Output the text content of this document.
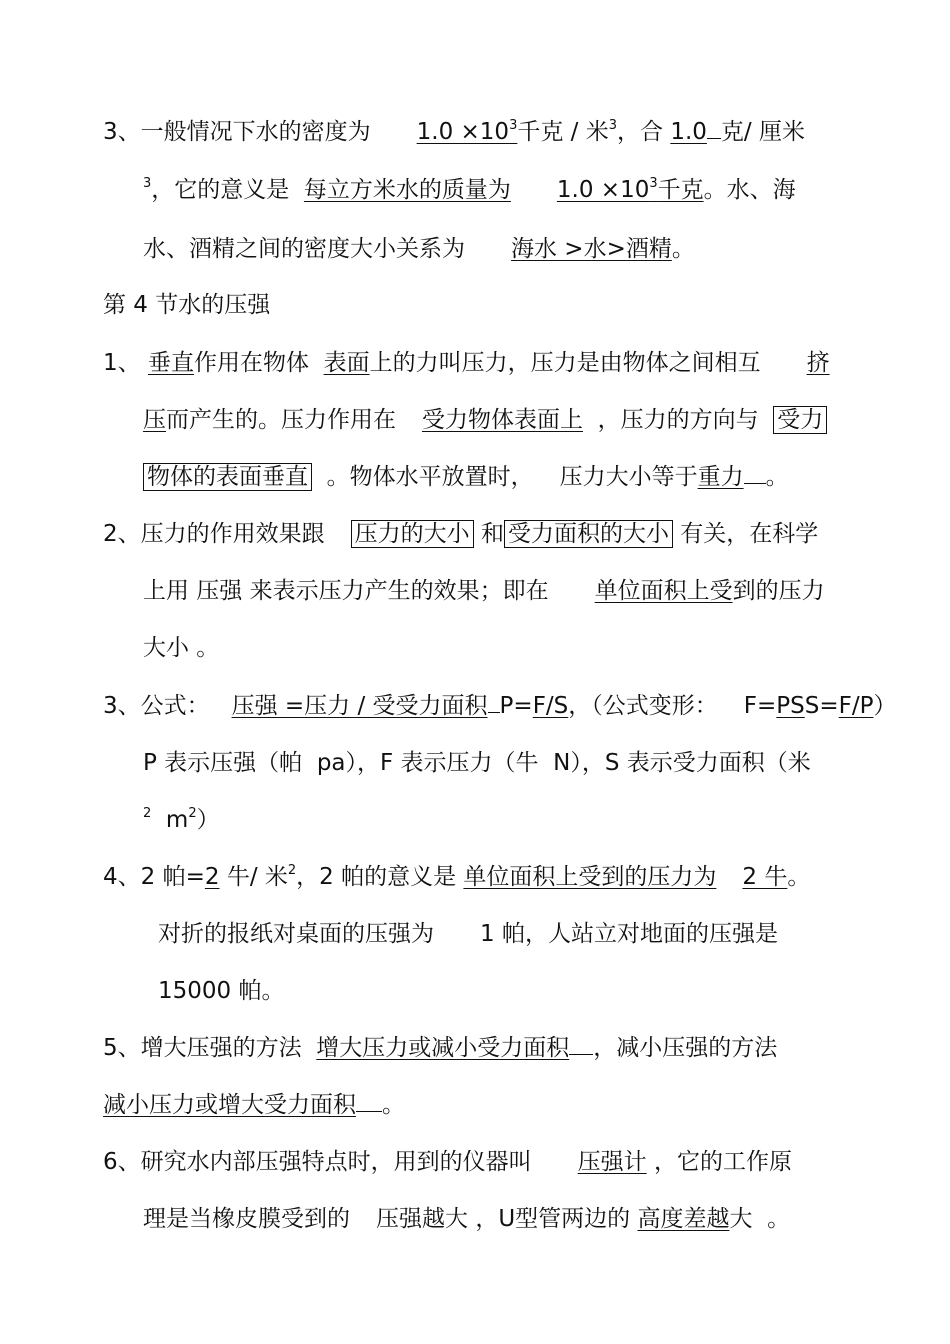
3、一般情况下水的密度为 $1.0 \times 10^3$千克 / 米$^3$，合 1.0 克/ 厘米
$^3$，它的意义是 每立方米水的质量为 $1.0 \times 10^3$千克。水、海
水、酒精之间的密度大小关系为 海水 >水>酒精。
第 4 节水的压强
1、 垂直作用在物体 表面上的力叫压力，压力是由物体之间相互 挤
压而产生的。压力作用在 受力物体表面上 ，压力的方向与 受力
物体的表面垂直 。物体水平放置时， 压力大小等于重力 。
2、压力的作用效果跟 压力的大小 和 受力面积的大小 有关，在科学
上用 压强 来表示压力产生的效果；即在 单位面积上受到的压力
大小 。
3、公式： 压强 =压力 / 受受力面积 P=F/S，（公式变形： F=PSS=F/P）
P 表示压强（帕 pa），F 表示压力（牛 N），S 表示受力面积（米
$^2$ $m^2$）
4、2 帕=2 牛/ 米$^2$，2 帕的意义是 单位面积上受到的压力为 2 牛。
对折的报纸对桌面的压强为 1 帕，人站立对地面的压强是
15000 帕。
5、增大压强的方法 增大压力或减小受力面积 ，减小压强的方法
减小压力或增大受力面积 。
6、研究水内部压强特点时，用到的仪器叫 压强计 ，它的工作原
理是当橡皮膜受到的 压强越大 ，U型管两边的 高度差越大 。
